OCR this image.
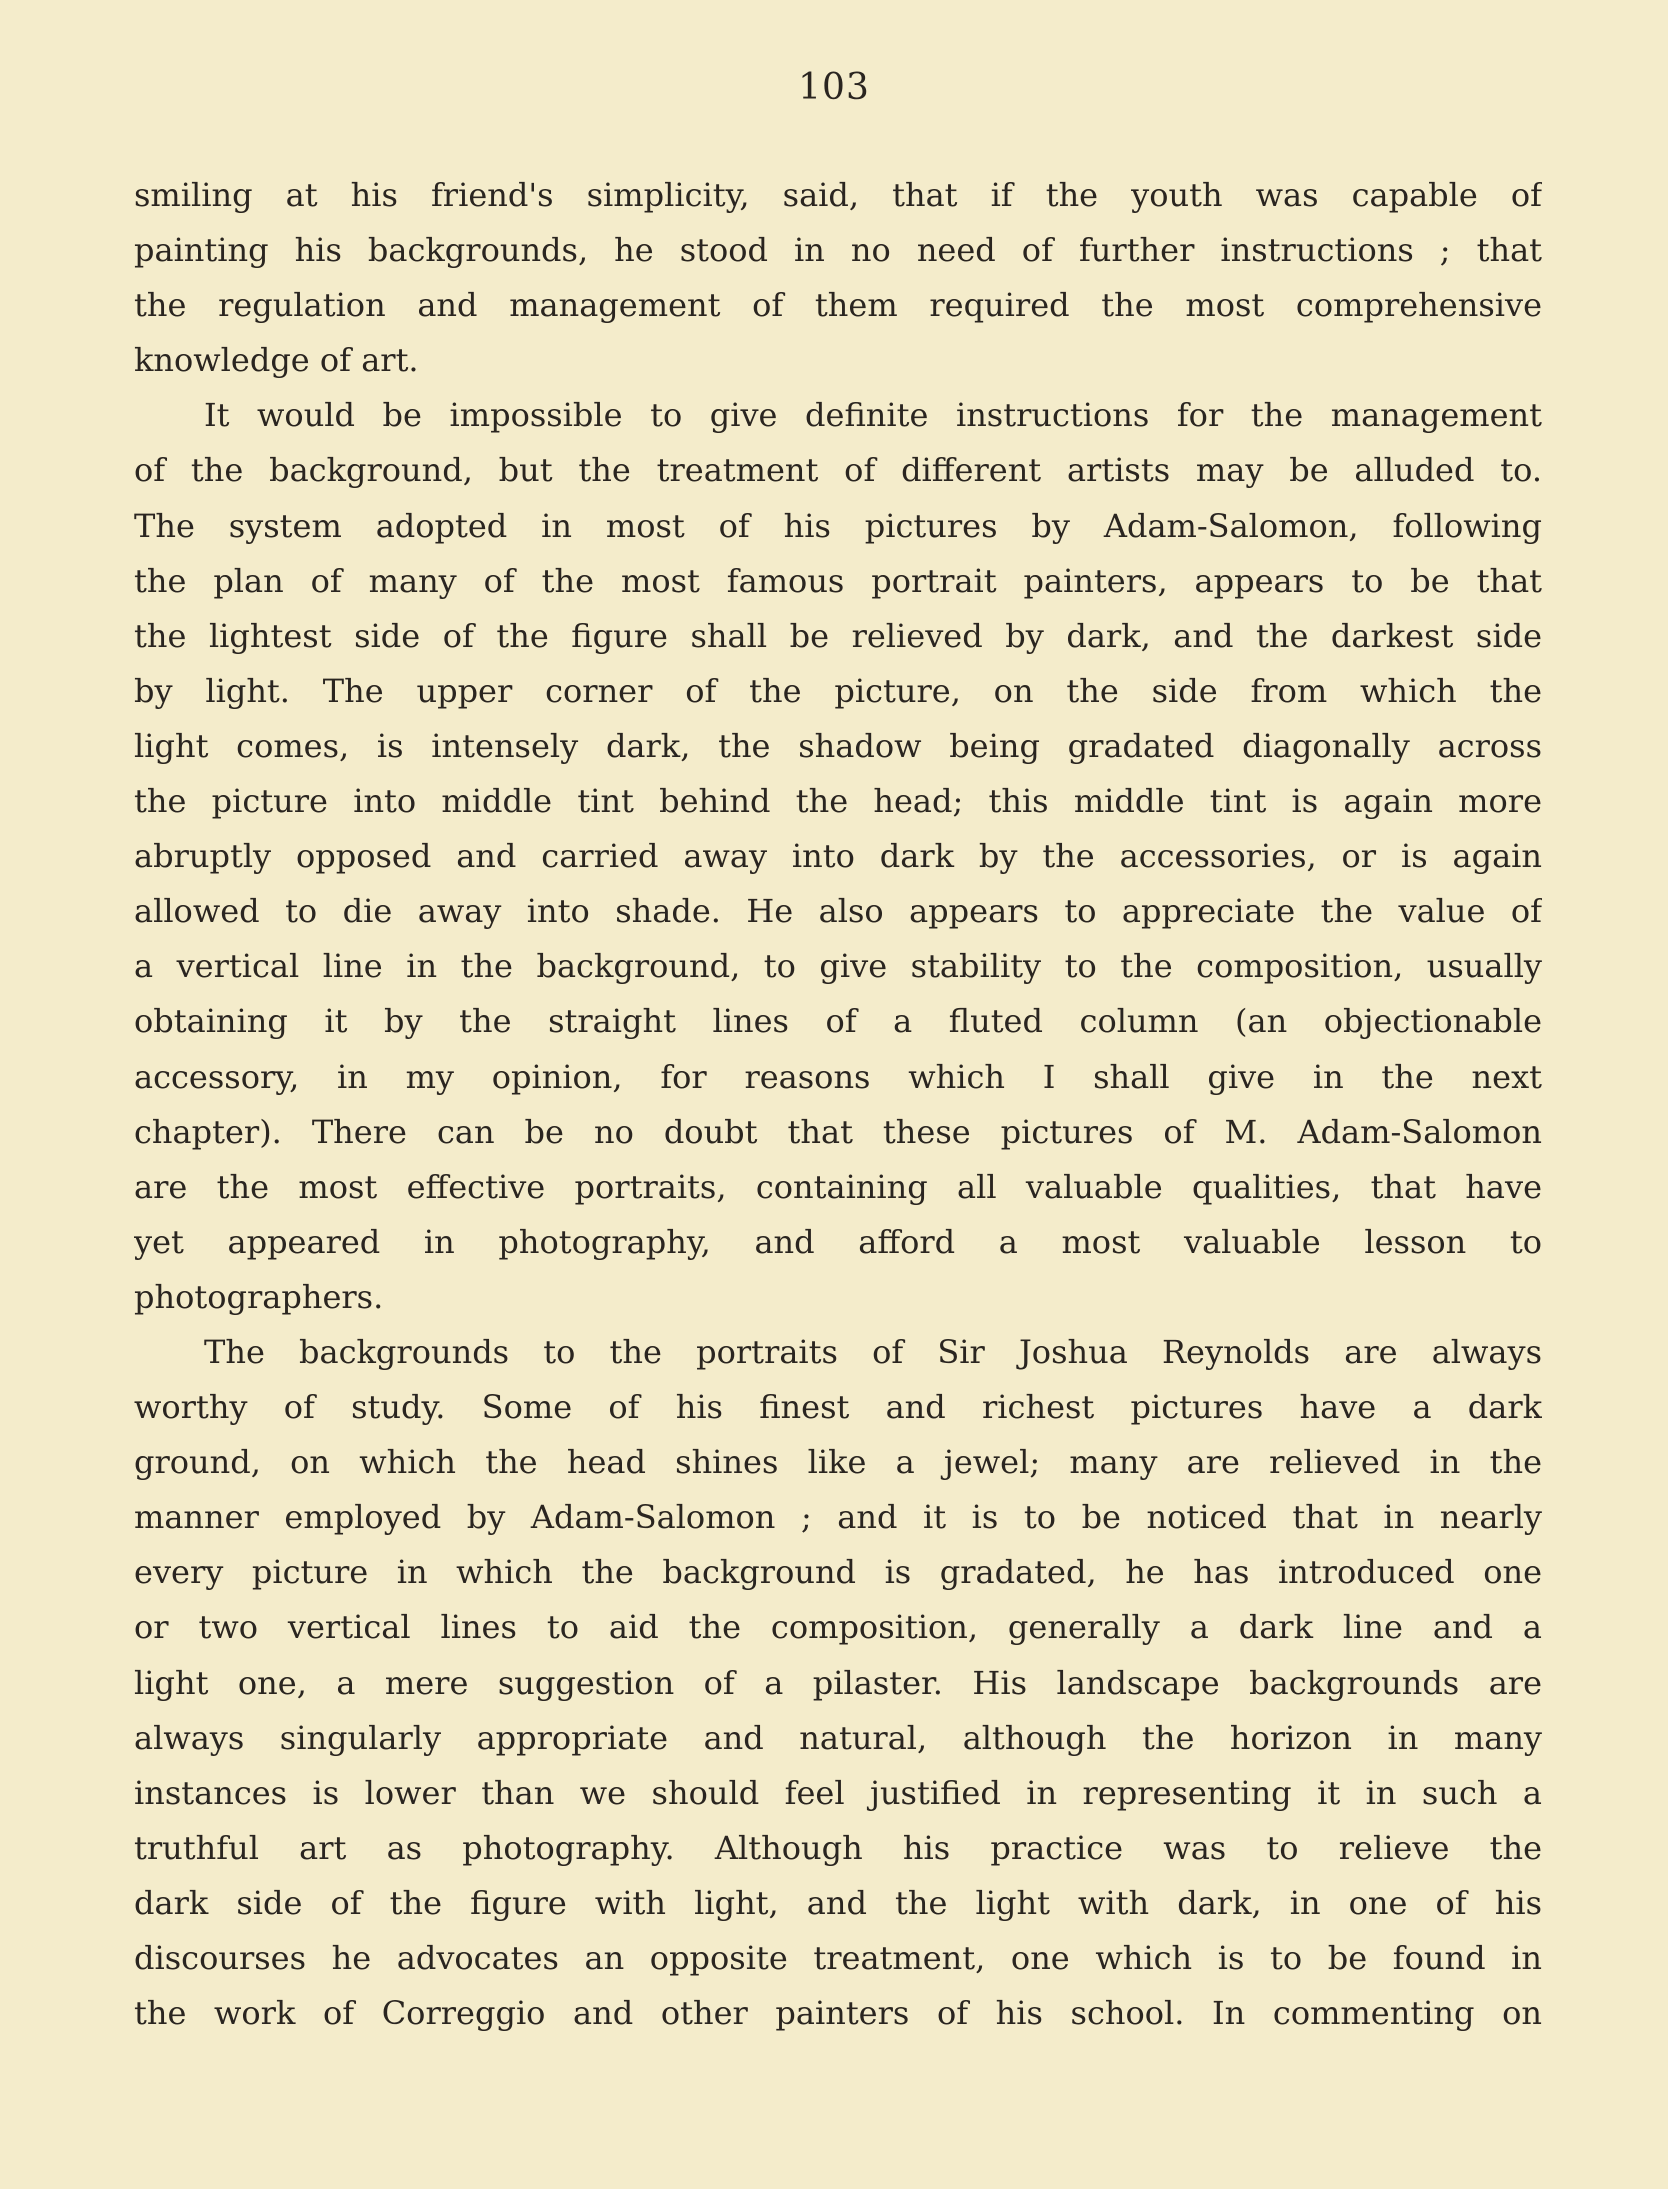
103
smiling at his friend's simplicity, said, that if the youth was capable of
painting his backgrounds, he stood in no need of further instructions ; that
the regulation and management of them required the most comprehensive
knowledge of art.
It would be impossible to give definite instructions for the management
of the background, but the treatment of different artists may be alluded to.
The system adopted in most of his pictures by Adam-Salomon, following
the plan of many of the most famous portrait painters, appears to be that
the lightest side of the figure shall be relieved by dark, and the darkest side
by light. The upper corner of the picture, on the side from which the
light comes, is intensely dark, the shadow being gradated diagonally across
the picture into middle tint behind the head; this middle tint is again more
abruptly opposed and carried away into dark by the accessories, or is again
allowed to die away into shade. He also appears to appreciate the value of
a vertical line in the background, to give stability to the composition, usually
obtaining it by the straight lines of a fluted column (an objectionable
accessory, in my opinion, for reasons which I shall give in the next
chapter). There can be no doubt that these pictures of M. Adam-Salomon
are the most effective portraits, containing all valuable qualities, that have
yet appeared in photography, and afford a most valuable lesson to
photographers.
The backgrounds to the portraits of Sir Joshua Reynolds are always
worthy of study. Some of his finest and richest pictures have a dark
ground, on which the head shines like a jewel; many are relieved in the
manner employed by Adam-Salomon ; and it is to be noticed that in nearly
every picture in which the background is gradated, he has introduced one
or two vertical lines to aid the composition, generally a dark line and a
light one, a mere suggestion of a pilaster. His landscape backgrounds are
always singularly appropriate and natural, although the horizon in many
instances is lower than we should feel justified in representing it in such a
truthful art as photography. Although his practice was to relieve the
dark side of the figure with light, and the light with dark, in one of his
discourses he advocates an opposite treatment, one which is to be found in
the work of Correggio and other painters of his school. In commenting on
